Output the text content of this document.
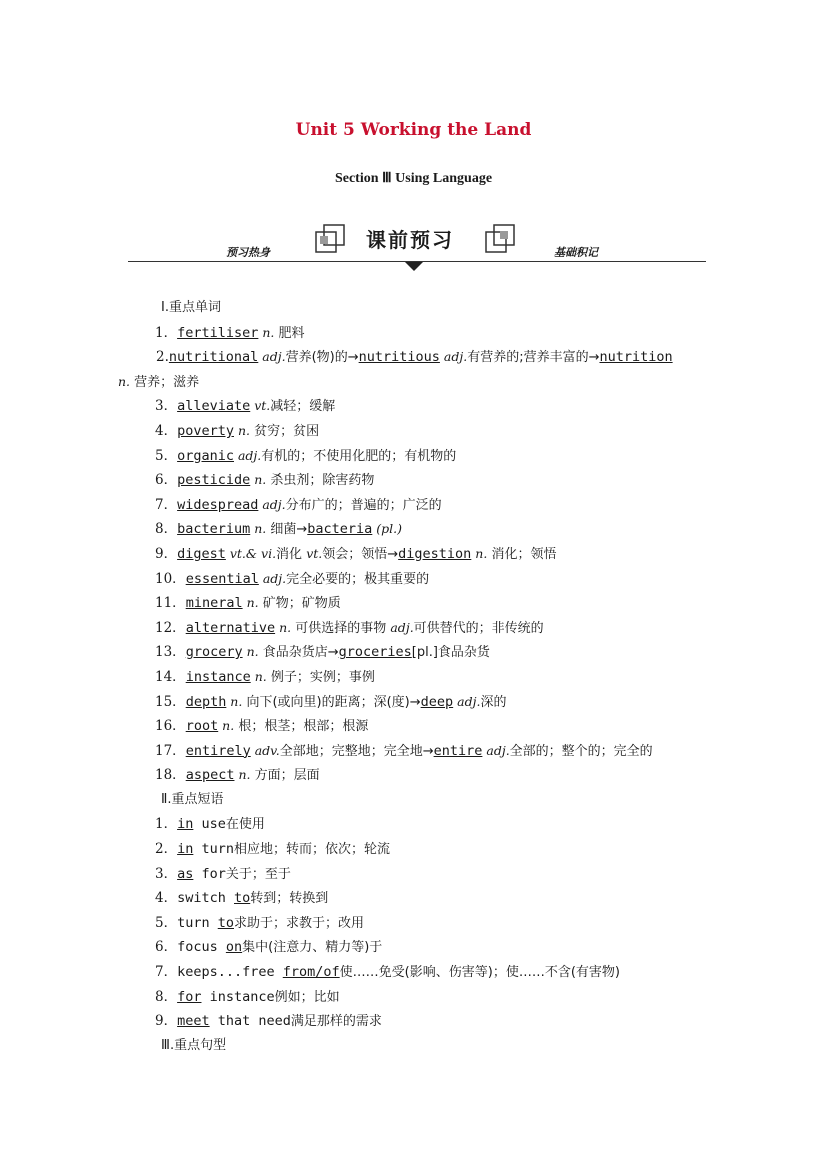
Unit 5 Working the Land
Section Ⅲ Using Language
预习热身
课前预习
基础积记
Ⅰ.重点单词
1．fertiliser n. 肥料
2.nutritional adj.营养(物)的→nutritious adj.有营养的;营养丰富的→nutrition
n. 营养；滋养
3．alleviate vt.减轻；缓解
4．poverty n. 贫穷；贫困
5．organic adj.有机的；不使用化肥的；有机物的
6．pesticide n. 杀虫剂；除害药物
7．widespread adj.分布广的；普遍的；广泛的
8．bacterium n. 细菌→bacteria (pl.)
9．digest vt.& vi.消化 vt.领会；领悟→digestion n. 消化；领悟
10．essential adj.完全必要的；极其重要的
11．mineral n. 矿物；矿物质
12．alternative n. 可供选择的事物 adj.可供替代的；非传统的
13．grocery n. 食品杂货店→groceries[pl.]食品杂货
14．instance n. 例子；实例；事例
15．depth n. 向下(或向里)的距离；深(度)→deep adj.深的
16．root n. 根；根茎；根部；根源
17．entirely adv.全部地；完整地；完全地→entire adj.全部的；整个的；完全的
18．aspect n. 方面；层面
Ⅱ.重点短语
1．in use在使用
2．in turn相应地；转而；依次；轮流
3．as for关于；至于
4．switch to转到；转换到
5．turn to求助于；求教于；改用
6．focus on集中(注意力、精力等)于
7．keeps...free from/of使……免受(影响、伤害等)；使……不含(有害物)
8．for instance例如；比如
9．meet that need满足那样的需求
Ⅲ.重点句型
